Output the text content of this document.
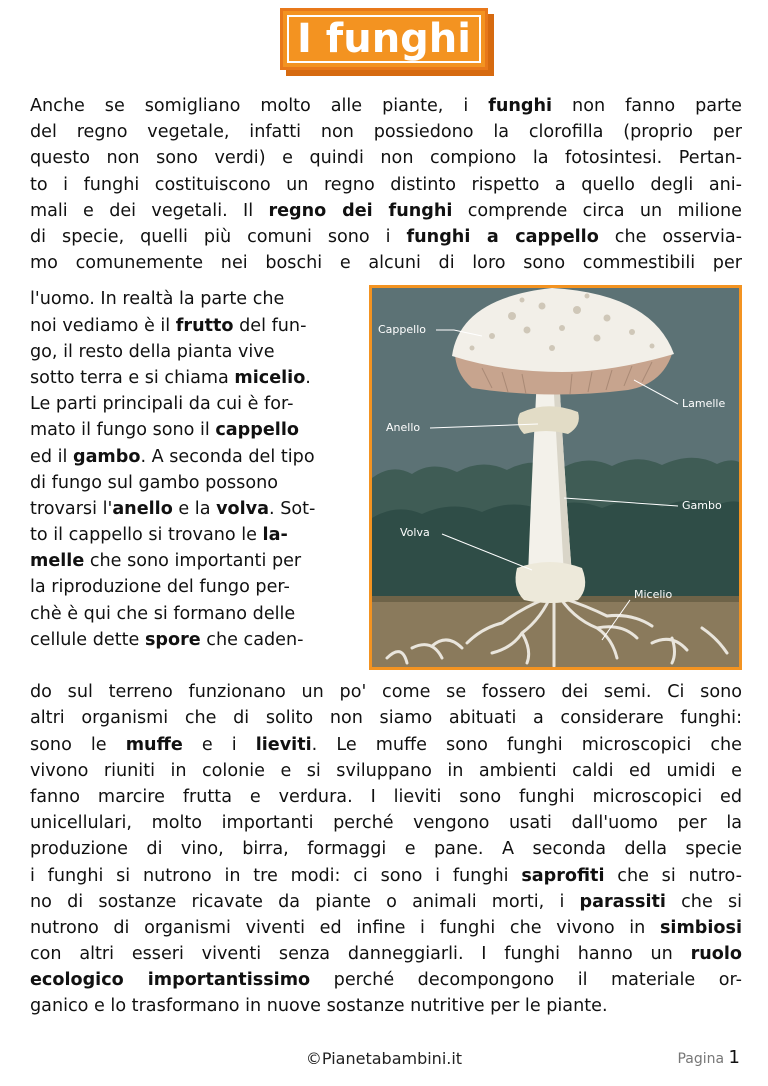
I funghi
Anche se somigliano molto alle piante, i funghi non fanno parte
del regno vegetale, infatti non possiedono la clorofilla (proprio per
questo non sono verdi) e quindi non compiono la fotosintesi. Pertan-
to i funghi costituiscono un regno distinto rispetto a quello degli ani-
mali e dei vegetali. Il regno dei funghi comprende circa un milione
di specie, quelli più comuni sono i funghi a cappello che osservia-
mo comunemente nei boschi e alcuni di loro sono commestibili per
l'uomo. In realtà la parte che
noi vediamo è il frutto del fun-
go, il resto della pianta vive
sotto terra e si chiama micelio.
Le parti principali da cui è for-
mato il fungo sono il cappello
ed il gambo. A seconda del tipo
di fungo sul gambo possono
trovarsi l'anello e la volva. Sot-
to il cappello si trovano le la-
melle che sono importanti per
la riproduzione del fungo per-
chè è qui che si formano delle
cellule dette spore che caden-
do sul terreno funzionano un po' come se fossero dei semi. Ci sono
altri organismi che di solito non siamo abituati a considerare funghi:
sono le muffe e i lieviti. Le muffe sono funghi microscopici che
vivono riuniti in colonie e si sviluppano in ambienti caldi ed umidi e
fanno marcire frutta e verdura. I lieviti sono funghi microscopici ed
unicellulari, molto importanti perché vengono usati dall'uomo per la
produzione di vino, birra, formaggi e pane. A seconda della specie
i funghi si nutrono in tre modi: ci sono i funghi saprofiti che si nutro-
no di sostanze ricavate da piante o animali morti, i parassiti che si
nutrono di organismi viventi ed infine i funghi che vivono in simbiosi
con altri esseri viventi senza danneggiarli. I funghi hanno un ruolo
ecologico importantissimo perché decompongono il materiale or-
ganico e lo trasformano in nuove sostanze nutritive per le piante.
Cappello
Lamelle
Anello
Gambo
Volva
Micelio
©Pianetabambini.it	Pagina 1
